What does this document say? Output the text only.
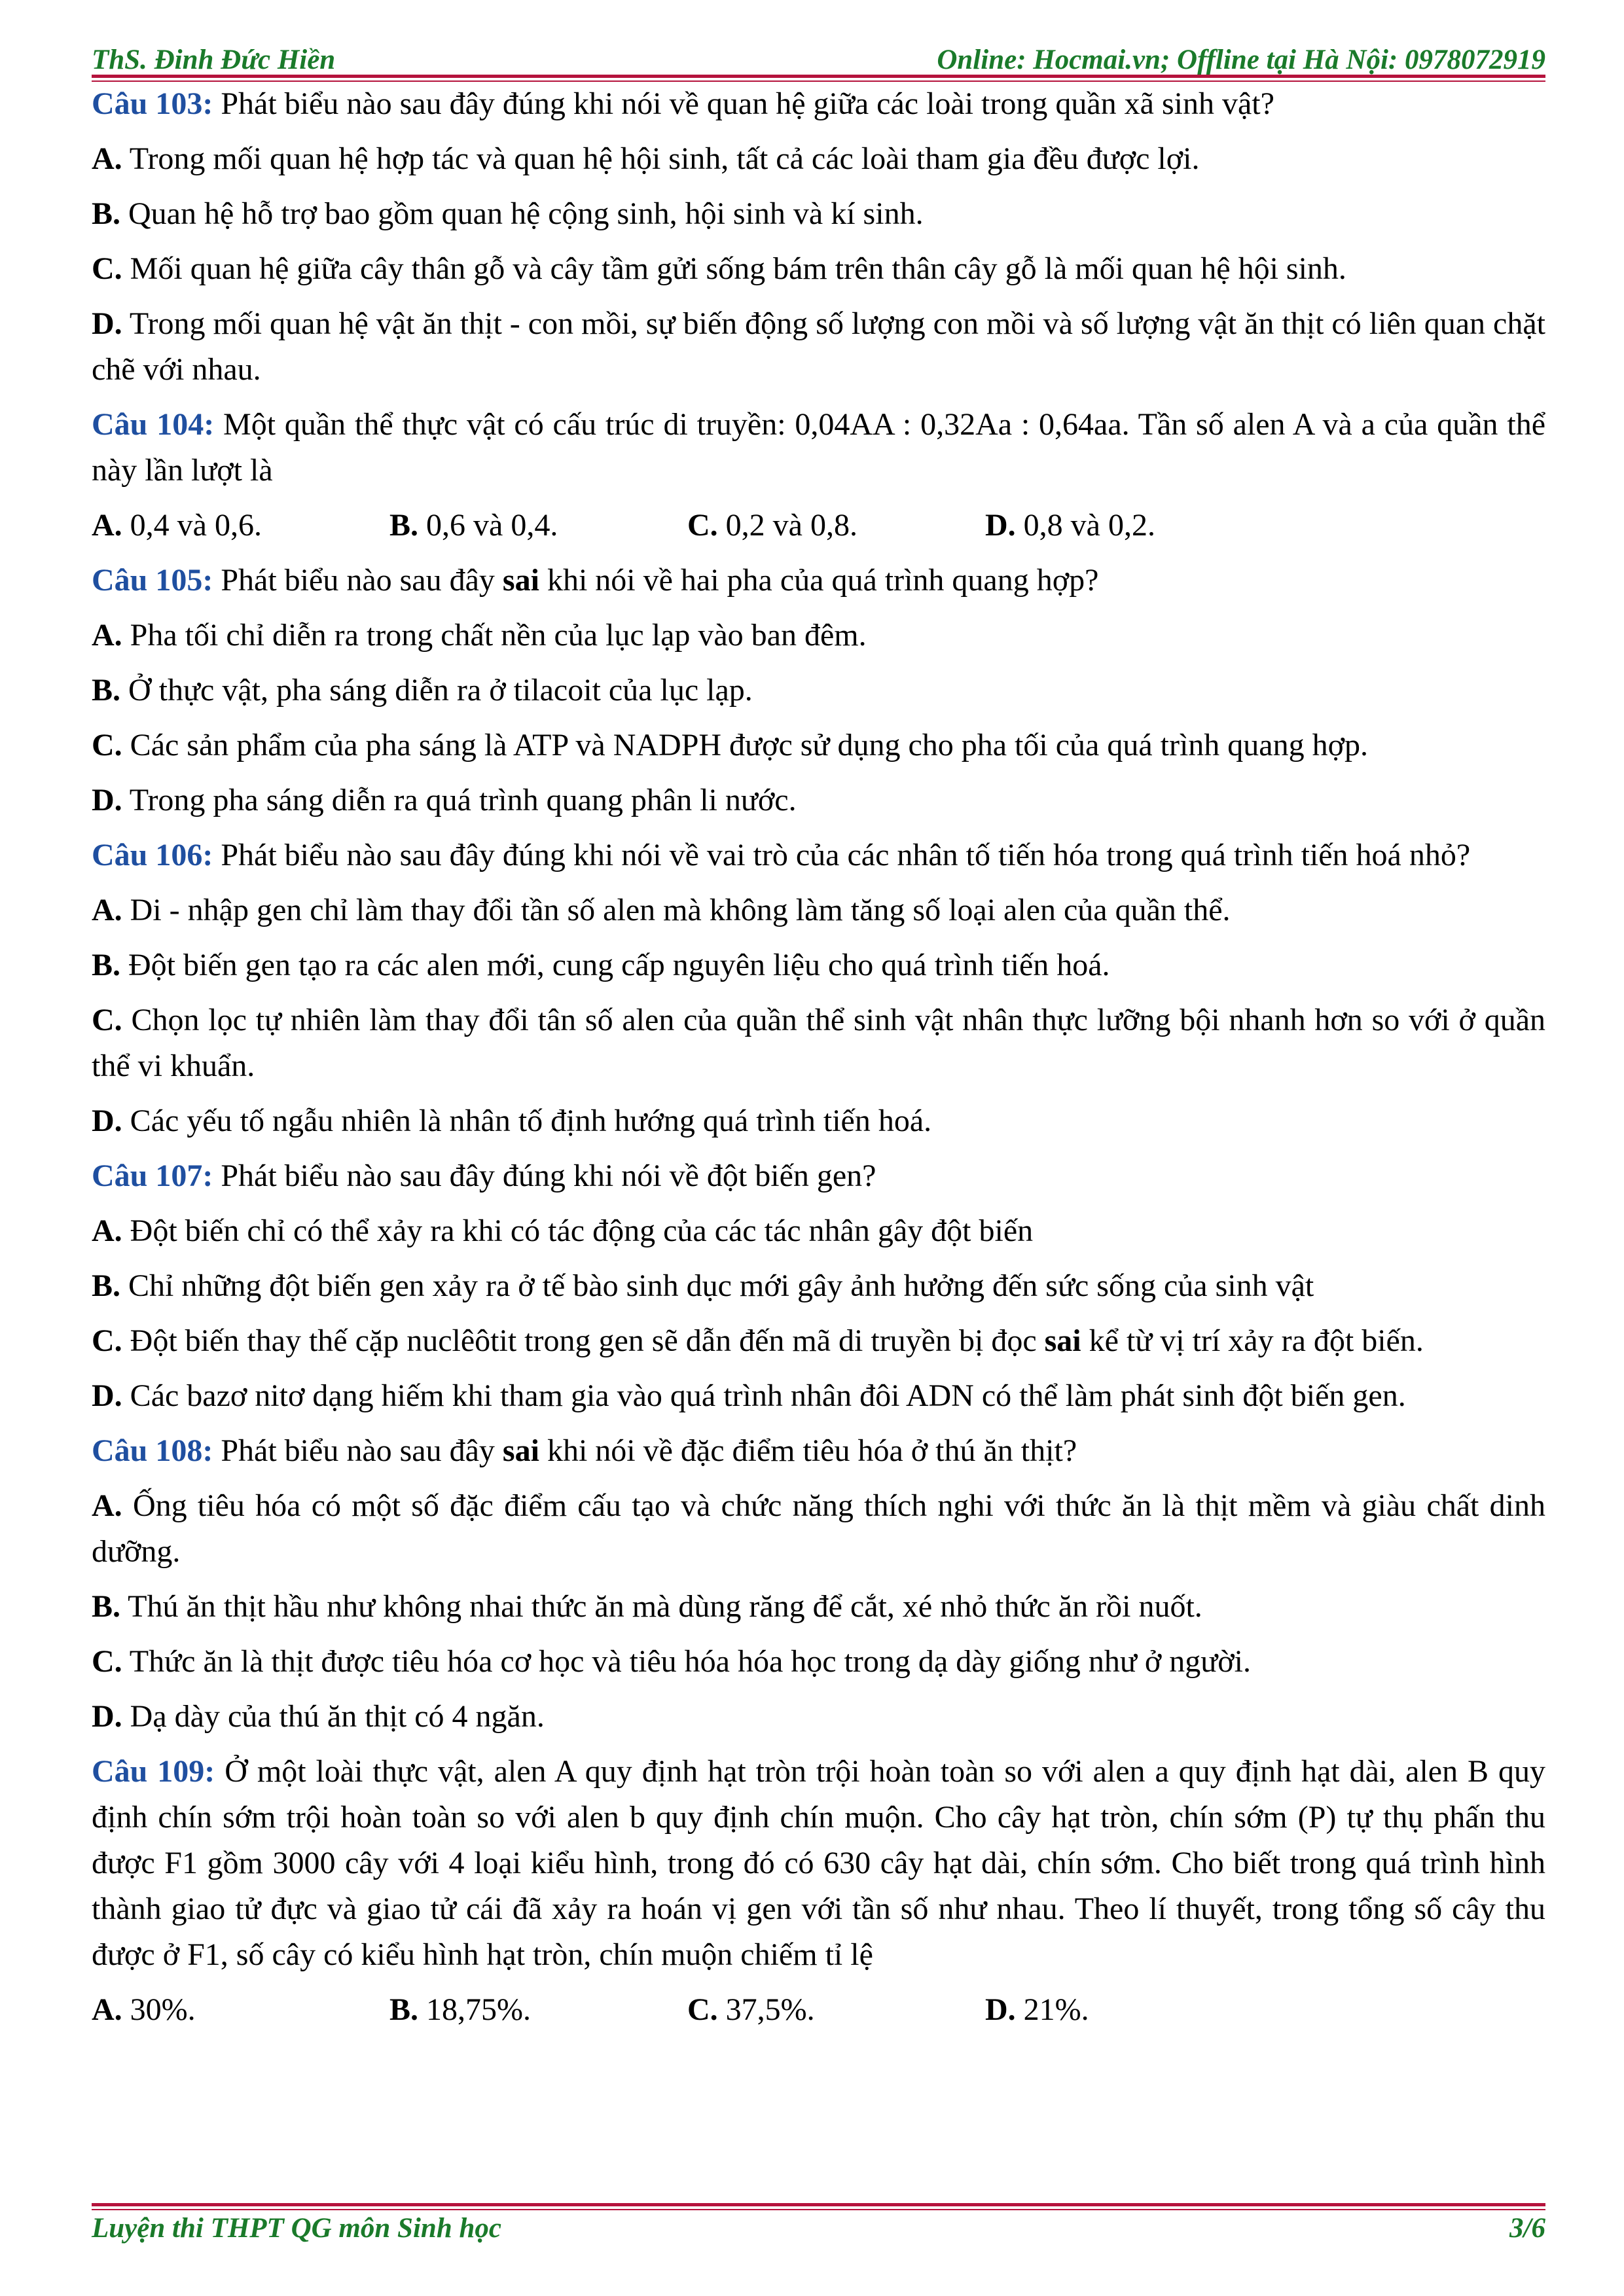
ThS. Đinh Đức Hiền	Online: Hocmai.vn; Offline tại Hà Nội: 0978072919

Câu 103: Phát biểu nào sau đây đúng khi nói về quan hệ giữa các loài trong quần xã sinh vật?

A. Trong mối quan hệ hợp tác và quan hệ hội sinh, tất cả các loài tham gia đều được lợi.

B. Quan hệ hỗ trợ bao gồm quan hệ cộng sinh, hội sinh và kí sinh.

C. Mối quan hệ giữa cây thân gỗ và cây tầm gửi sống bám trên thân cây gỗ là mối quan hệ hội sinh.

D. Trong mối quan hệ vật ăn thịt - con mồi, sự biến động số lượng con mồi và số lượng vật ăn thịt có liên quan chặt chẽ với nhau.

Câu 104: Một quần thể thực vật có cấu trúc di truyền: 0,04AA : 0,32Aa : 0,64aa. Tần số alen A và a của quần thể này lần lượt là

A. 0,4 và 0,6.	B. 0,6 và 0,4.	C. 0,2 và 0,8.	D. 0,8 và 0,2.

Câu 105: Phát biểu nào sau đây sai khi nói về hai pha của quá trình quang hợp?

A. Pha tối chỉ diễn ra trong chất nền của lục lạp vào ban đêm.

B. Ở thực vật, pha sáng diễn ra ở tilacoit của lục lạp.

C. Các sản phẩm của pha sáng là ATP và NADPH được sử dụng cho pha tối của quá trình quang hợp.

D. Trong pha sáng diễn ra quá trình quang phân li nước.

Câu 106: Phát biểu nào sau đây đúng khi nói về vai trò của các nhân tố tiến hóa trong quá trình tiến hoá nhỏ?

A. Di - nhập gen chỉ làm thay đổi tần số alen mà không làm tăng số loại alen của quần thể.

B. Đột biến gen tạo ra các alen mới, cung cấp nguyên liệu cho quá trình tiến hoá.

C. Chọn lọc tự nhiên làm thay đổi tân số alen của quần thể sinh vật nhân thực lưỡng bội nhanh hơn so với ở quần thể vi khuẩn.

D. Các yếu tố ngẫu nhiên là nhân tố định hướng quá trình tiến hoá.

Câu 107: Phát biểu nào sau đây đúng khi nói về đột biến gen?

A. Đột biến chỉ có thể xảy ra khi có tác động của các tác nhân gây đột biến

B. Chỉ những đột biến gen xảy ra ở tế bào sinh dục mới gây ảnh hưởng đến sức sống của sinh vật

C. Đột biến thay thế cặp nuclêôtit trong gen sẽ dẫn đến mã di truyền bị đọc sai kể từ vị trí xảy ra đột biến.

D. Các bazơ nitơ dạng hiếm khi tham gia vào quá trình nhân đôi ADN có thể làm phát sinh đột biến gen.

Câu 108: Phát biểu nào sau đây sai khi nói về đặc điểm tiêu hóa ở thú ăn thịt?

A. Ống tiêu hóa có một số đặc điểm cấu tạo và chức năng thích nghi với thức ăn là thịt mềm và giàu chất dinh dưỡng.

B. Thú ăn thịt hầu như không nhai thức ăn mà dùng răng để cắt, xé nhỏ thức ăn rồi nuốt.

C. Thức ăn là thịt được tiêu hóa cơ học và tiêu hóa hóa học trong dạ dày giống như ở người.

D. Dạ dày của thú ăn thịt có 4 ngăn.

Câu 109: Ở một loài thực vật, alen A quy định hạt tròn trội hoàn toàn so với alen a quy định hạt dài, alen B quy định chín sớm trội hoàn toàn so với alen b quy định chín muộn. Cho cây hạt tròn, chín sớm (P) tự thụ phấn thu được F1 gồm 3000 cây với 4 loại kiểu hình, trong đó có 630 cây hạt dài, chín sớm. Cho biết trong quá trình hình thành giao tử đực và giao tử cái đã xảy ra hoán vị gen với tần số như nhau. Theo lí thuyết, trong tổng số cây thu được ở F1, số cây có kiểu hình hạt tròn, chín muộn chiếm tỉ lệ

A. 30%.	B. 18,75%.	C. 37,5%.	D. 21%.
Luyện thi THPT QG môn Sinh học	3/6
